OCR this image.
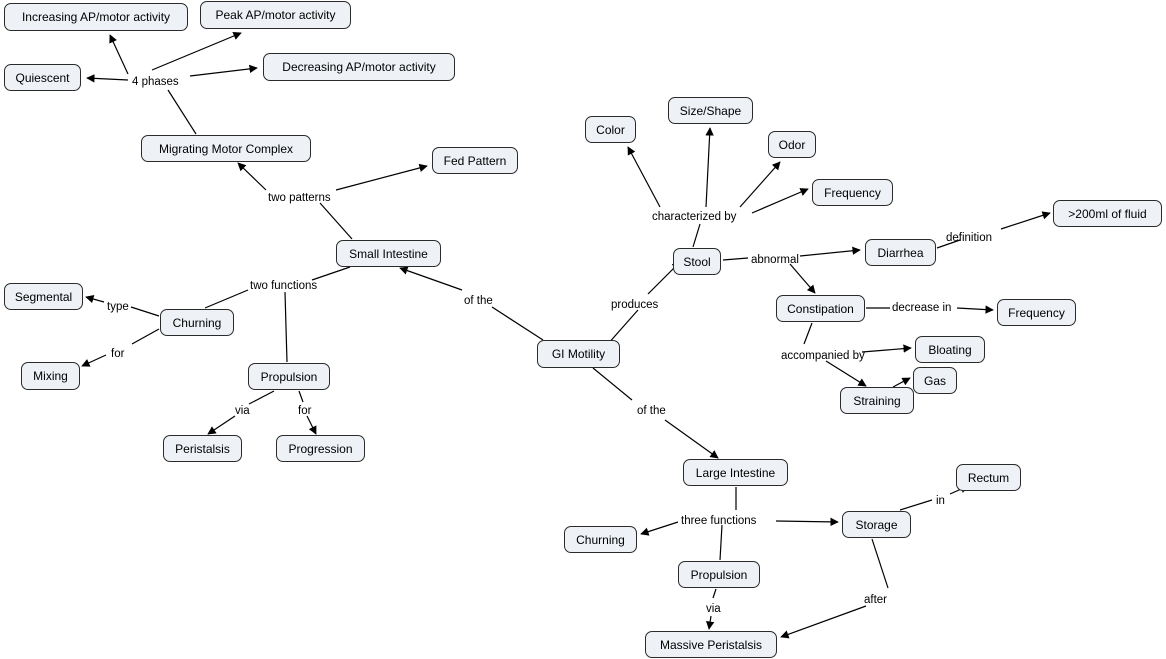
Increasing AP/motor activity	Peak AP/motor activity
Decreasing AP/motor activity
Quiescent
Migrating Motor Complex
Fed Pattern
Small Intestine
Segmental
Churning
Mixing	Propulsion
Peristalsis	Progression
GI Motility
Color
Size/Shape
Odor
Frequency
Stool
Diarrhea
>200ml of fluid
Constipation	Frequency
Bloating
Gas
Straining
Large Intestine	Rectum
Storage
Churning
Propulsion
Massive Peristalsis
4 phases
two patterns
two functions
type
for
via	for
of the	produces
characterized by
abnormal
definition
decrease in
accompanied by
of the
three functions
in
after
via
